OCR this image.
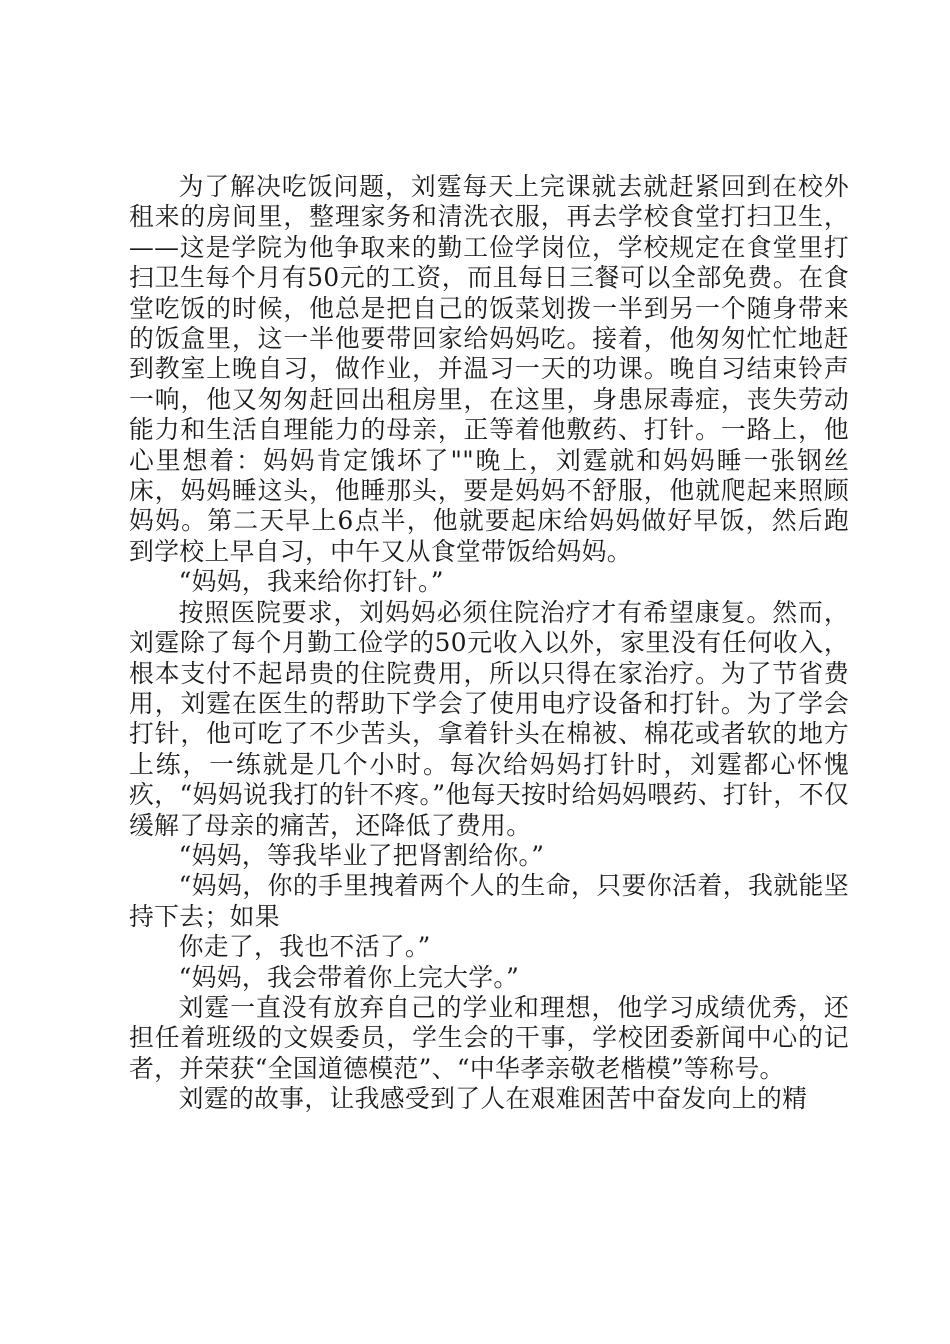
为了解决吃饭问题，刘霆每天上完课就去就赶紧回到在校外租来的房间里，整理家务和清洗衣服，再去学校食堂打扫卫生，——这是学院为他争取来的勤工俭学岗位，学校规定在食堂里打扫卫生每个月有50元的工资，而且每日三餐可以全部免费。在食堂吃饭的时候，他总是把自己的饭菜划拨一半到另一个随身带来的饭盒里，这一半他要带回家给妈妈吃。接着，他匆匆忙忙地赶到教室上晚自习，做作业，并温习一天的功课。晚自习结束铃声一响，他又匆匆赶回出租房里，在这里，身患尿毒症，丧失劳动能力和生活自理能力的母亲，正等着他敷药、打针。一路上，他心里想着：妈妈肯定饿坏了""晚上，刘霆就和妈妈睡一张钢丝床，妈妈睡这头，他睡那头，要是妈妈不舒服，他就爬起来照顾妈妈。第二天早上6点半，他就要起床给妈妈做好早饭，然后跑到学校上早自习，中午又从食堂带饭给妈妈。

“妈妈，我来给你打针。”

按照医院要求，刘妈妈必须住院治疗才有希望康复。然而，刘霆除了每个月勤工俭学的50元收入以外，家里没有任何收入，根本支付不起昂贵的住院费用，所以只得在家治疗。为了节省费用，刘霆在医生的帮助下学会了使用电疗设备和打针。为了学会打针，他可吃了不少苦头，拿着针头在棉被、棉花或者软的地方上练，一练就是几个小时。每次给妈妈打针时，刘霆都心怀愧疚，“妈妈说我打的针不疼。”他每天按时给妈妈喂药、打针，不仅缓解了母亲的痛苦，还降低了费用。

“妈妈，等我毕业了把肾割给你。”

“妈妈，你的手里拽着两个人的生命，只要你活着，我就能坚持下去；如果

你走了，我也不活了。”

“妈妈，我会带着你上完大学。”

刘霆一直没有放弃自己的学业和理想，他学习成绩优秀，还担任着班级的文娱委员，学生会的干事，学校团委新闻中心的记者，并荣获“全国道德模范”、“中华孝亲敬老楷模”等称号。

刘霆的故事，让我感受到了人在艰难困苦中奋发向上的精
